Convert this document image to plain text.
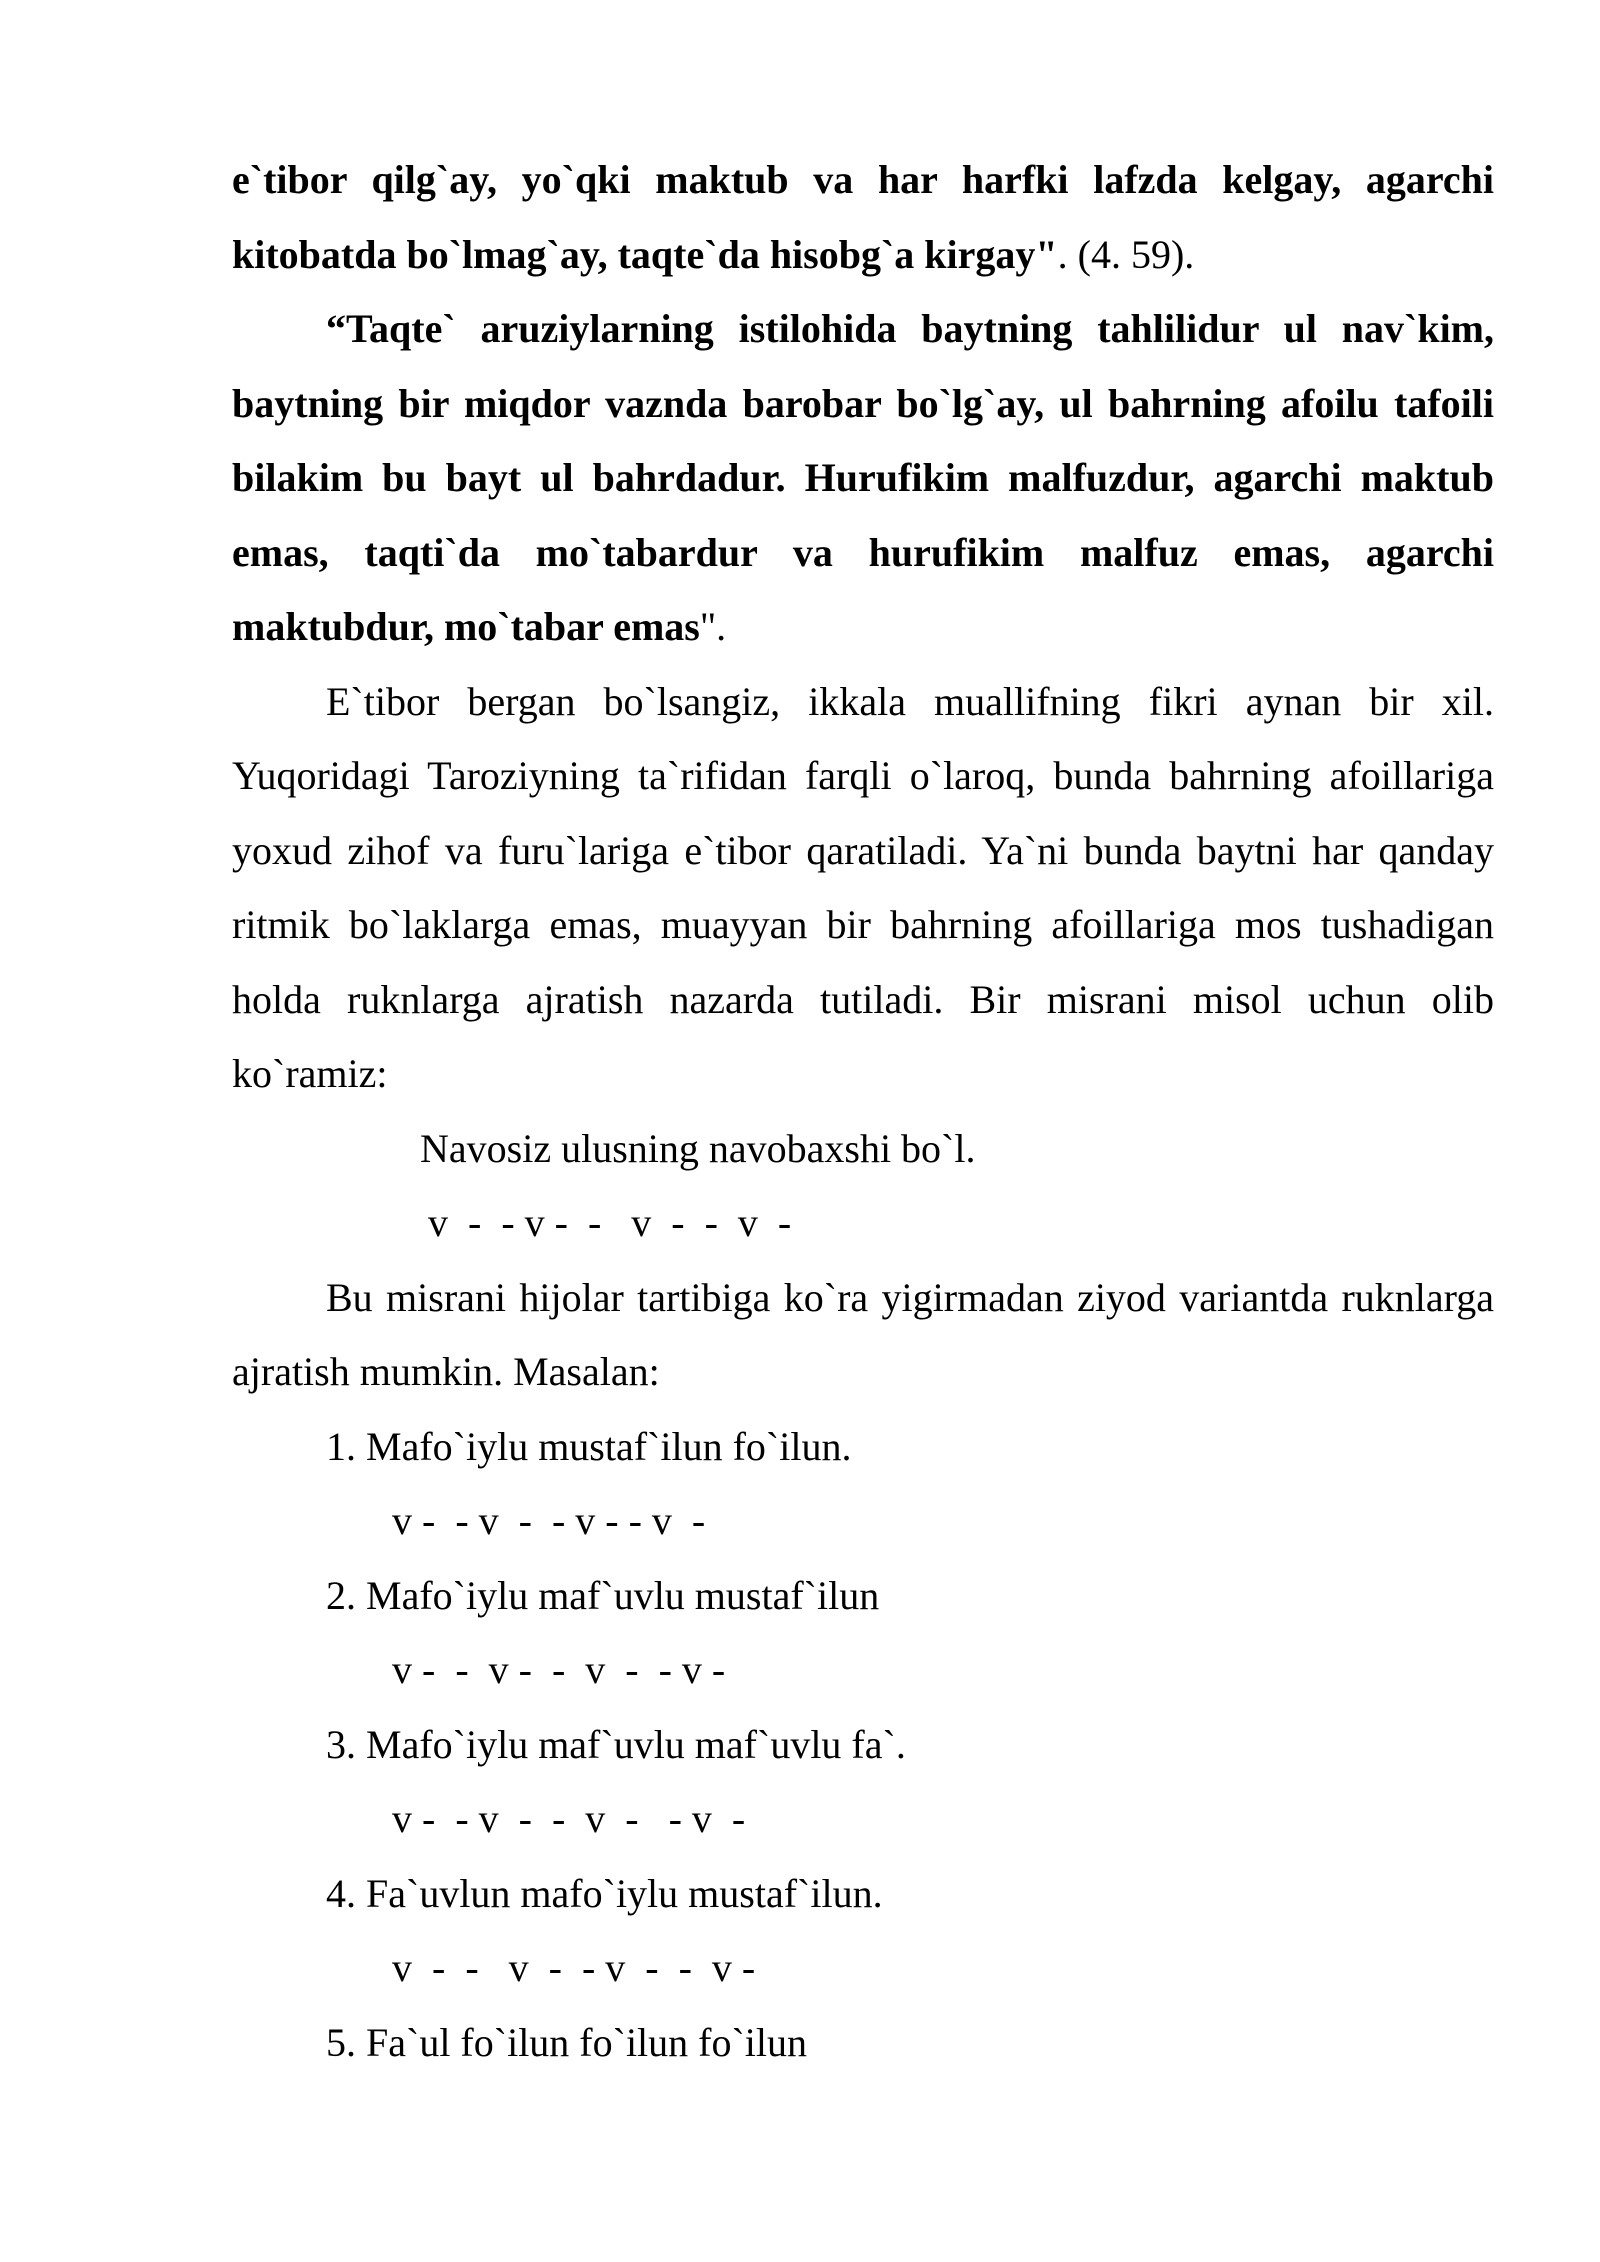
e`tibor qilg`ay, yo`qki maktub va har harfki lafzda kelgay, agarchi kitobatda bo`lmag`ay, taqte`da hisobg`a kirgay". (4. 59).

“Taqte` aruziylarning istilohida baytning tahlilidur ul nav`kim, baytning bir miqdor vaznda barobar bo`lg`ay, ul bahrning afoilu tafoili bilakim bu bayt ul bahrdadur. Hurufikim malfuzdur, agarchi maktub emas, taqti`da mo`tabardur va hurufikim malfuz emas, agarchi maktubdur, mo`tabar emas".

E`tibor bergan bo`lsangiz, ikkala muallifning fikri aynan bir xil. Yuqoridagi Taroziyning ta`rifidan farqli o`laroq, bunda bahrning afoillariga yoxud zihof va furu`lariga e`tibor qaratiladi. Ya`ni bunda baytni har qanday ritmik bo`laklarga emas, muayyan bir bahrning afoillariga mos tushadigan holda ruknlarga ajratish nazarda tutiladi. Bir misrani misol uchun olib ko`ramiz:

Navosiz ulusning navobaxshi bo`l.

v  -  - v -  -   v  -  -  v  -

Bu misrani hijolar tartibiga ko`ra yigirmadan ziyod variantda ruknlarga ajratish mumkin. Masalan:

1. Mafo`iylu mustaf`ilun fo`ilun.

v -  - v  -  - v - - v  -

2. Mafo`iylu maf`uvlu mustaf`ilun

v -  -  v -  -  v  -  - v -

3. Mafo`iylu maf`uvlu maf`uvlu fa`.

v -  - v  -  -  v  -   - v  -

4. Fa`uvlun mafo`iylu mustaf`ilun.

v  -  -   v  -  - v  -  -  v -

5. Fa`ul fo`ilun fo`ilun fo`ilun
